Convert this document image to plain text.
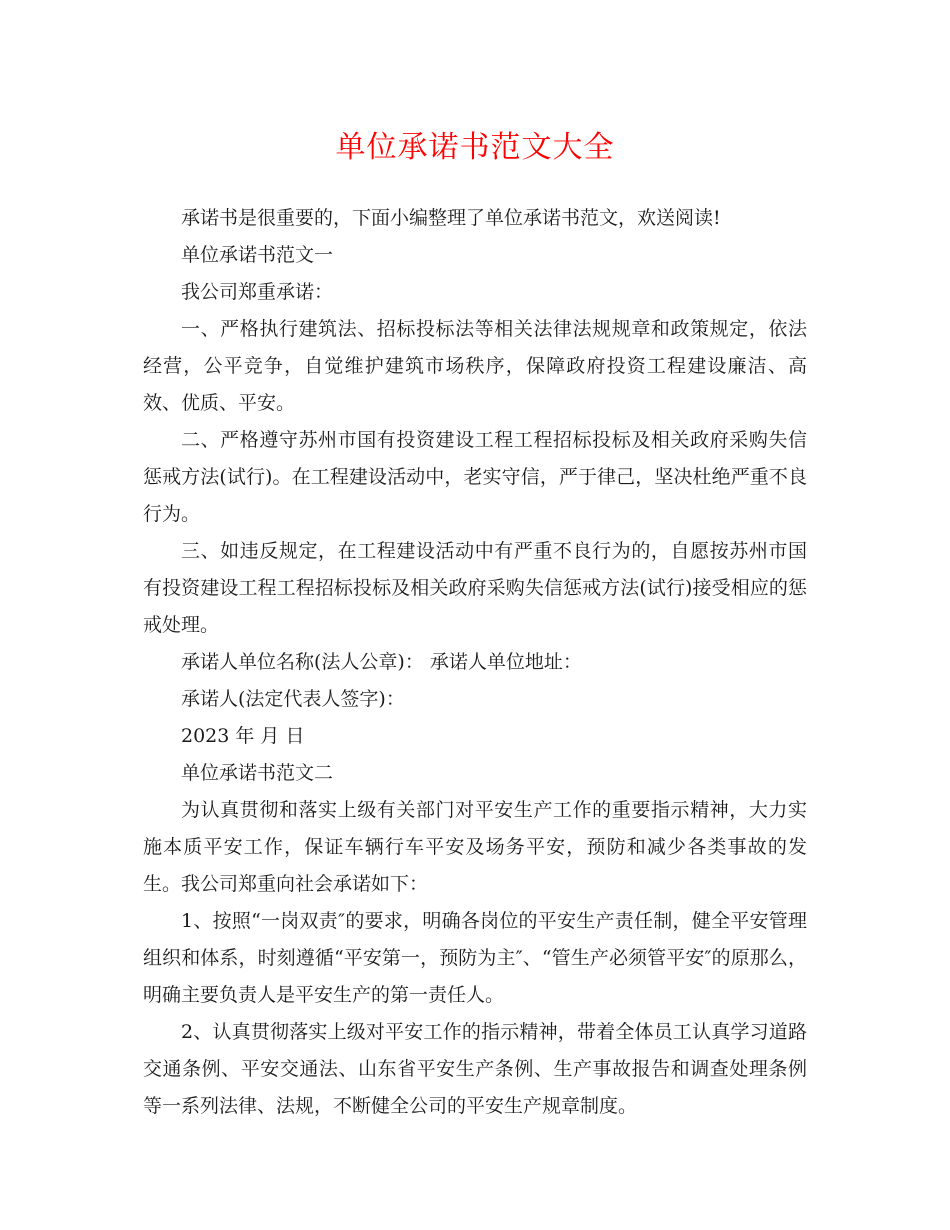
单位承诺书范文大全

承诺书是很重要的，下面小编整理了单位承诺书范文，欢送阅读!

单位承诺书范文一

我公司郑重承诺：

一、严格执行建筑法、招标投标法等相关法律法规规章和政策规定，依法经营，公平竞争，自觉维护建筑市场秩序，保障政府投资工程建设廉洁、高效、优质、平安。

二、严格遵守苏州市国有投资建设工程工程招标投标及相关政府采购失信惩戒方法(试行)。在工程建设活动中，老实守信，严于律己，坚决杜绝严重不良行为。

三、如违反规定，在工程建设活动中有严重不良行为的，自愿按苏州市国有投资建设工程工程招标投标及相关政府采购失信惩戒方法(试行)接受相应的惩戒处理。

承诺人单位名称(法人公章)： 承诺人单位地址：

承诺人(法定代表人签字)：

2023 年 月 日

单位承诺书范文二

为认真贯彻和落实上级有关部门对平安生产工作的重要指示精神，大力实施本质平安工作，保证车辆行车平安及场务平安，预防和减少各类事故的发生。我公司郑重向社会承诺如下：

1、按照“一岗双责″的要求，明确各岗位的平安生产责任制，健全平安管理组织和体系，时刻遵循“平安第一，预防为主″、“管生产必须管平安″的原那么，明确主要负责人是平安生产的第一责任人。

2、认真贯彻落实上级对平安工作的指示精神，带着全体员工认真学习道路交通条例、平安交通法、山东省平安生产条例、生产事故报告和调查处理条例等一系列法律、法规，不断健全公司的平安生产规章制度。
